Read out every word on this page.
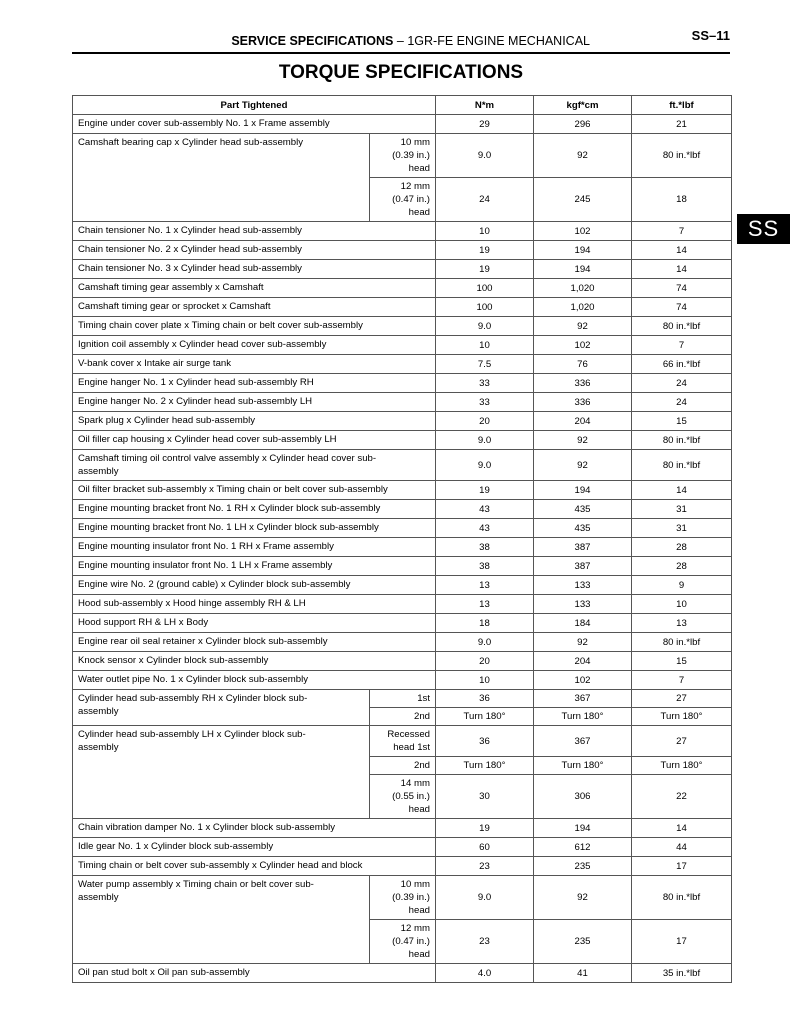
SERVICE SPECIFICATIONS – 1GR-FE ENGINE MECHANICAL	SS–11
TORQUE SPECIFICATIONS
SS
Part Tightened		N*m	kgf*cm	ft.*lbf
Engine under cover sub-assembly No. 1 x Frame assembly		29	296	21
Camshaft bearing cap x Cylinder head sub-assembly	10 mm
(0.39 in.)
head	9.0	92	80 in.*lbf
	12 mm
(0.47 in.)
head	24	245	18
Chain tensioner No. 1 x Cylinder head sub-assembly		10	102	7
Chain tensioner No. 2 x Cylinder head sub-assembly		19	194	14
Chain tensioner No. 3 x Cylinder head sub-assembly		19	194	14
Camshaft timing gear assembly x Camshaft		100	1,020	74
Camshaft timing gear or sprocket x Camshaft		100	1,020	74
Timing chain cover plate x Timing chain or belt cover sub-assembly		9.0	92	80 in.*lbf
Ignition coil assembly x Cylinder head cover sub-assembly		10	102	7
V-bank cover x Intake air surge tank		7.5	76	66 in.*lbf
Engine hanger No. 1 x Cylinder head sub-assembly RH		33	336	24
Engine hanger No. 2 x Cylinder head sub-assembly LH		33	336	24
Spark plug x Cylinder head sub-assembly		20	204	15
Oil filler cap housing x Cylinder head cover sub-assembly LH		9.0	92	80 in.*lbf
Camshaft timing oil control valve assembly x Cylinder head cover sub-
assembly		9.0	92	80 in.*lbf
Oil filter bracket sub-assembly x Timing chain or belt cover sub-assembly		19	194	14
Engine mounting bracket front No. 1 RH x Cylinder block sub-assembly		43	435	31
Engine mounting bracket front No. 1 LH x Cylinder block sub-assembly		43	435	31
Engine mounting insulator front No. 1 RH x Frame assembly		38	387	28
Engine mounting insulator front No. 1 LH x Frame assembly		38	387	28
Engine wire No. 2 (ground cable) x Cylinder block sub-assembly		13	133	9
Hood sub-assembly x Hood hinge assembly RH & LH		13	133	10
Hood support RH & LH x Body		18	184	13
Engine rear oil seal retainer x Cylinder block sub-assembly		9.0	92	80 in.*lbf
Knock sensor x Cylinder block sub-assembly		20	204	15
Water outlet pipe No. 1 x Cylinder block sub-assembly		10	102	7
Cylinder head sub-assembly RH x Cylinder block sub-
assembly	1st	36	367	27
	2nd	Turn 180°	Turn 180°	Turn 180°
Cylinder head sub-assembly LH x Cylinder block sub-
assembly	Recessed
head 1st	36	367	27
	2nd	Turn 180°	Turn 180°	Turn 180°
	14 mm
(0.55 in.)
head	30	306	22
Chain vibration damper No. 1 x Cylinder block sub-assembly		19	194	14
Idle gear No. 1 x Cylinder block sub-assembly		60	612	44
Timing chain or belt cover sub-assembly x Cylinder head and block		23	235	17
Water pump assembly x Timing chain or belt cover sub-
assembly	10 mm
(0.39 in.)
head	9.0	92	80 in.*lbf
	12 mm
(0.47 in.)
head	23	235	17
Oil pan stud bolt x Oil pan sub-assembly		4.0	41	35 in.*lbf
